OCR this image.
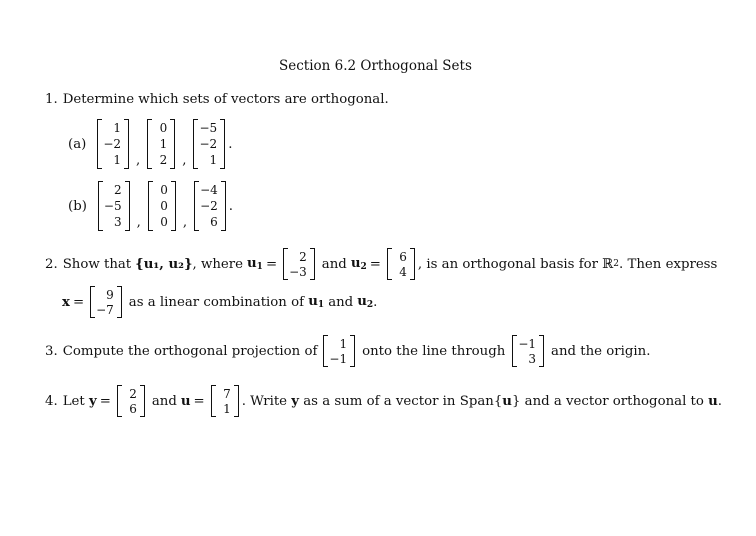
Section 6.2 Orthogonal Sets
1. Determine which sets of vectors are orthogonal.
(a)
1
−2
1 ,
0
1
2 ,
−5
−2
1
.
(b)
2
−5
3 ,
0
0
0 ,
−4
−2
6
.
2. Show that {u₁, u₂} , where $u_1$ =	2
−3 and $u_2$ =	6
4 , is an orthogonal basis for ℝ 2 . Then express
x =	9
−7 as a linear combination of $u_1$ and $u_2$ .
3. Compute the orthogonal projection of	1
−1 onto the line through −1
3 and the origin.
4. Let y =	2
6 and u =	7
1 . Write y as a sum of a vector in Span{ u } and a vector orthogonal to u .
